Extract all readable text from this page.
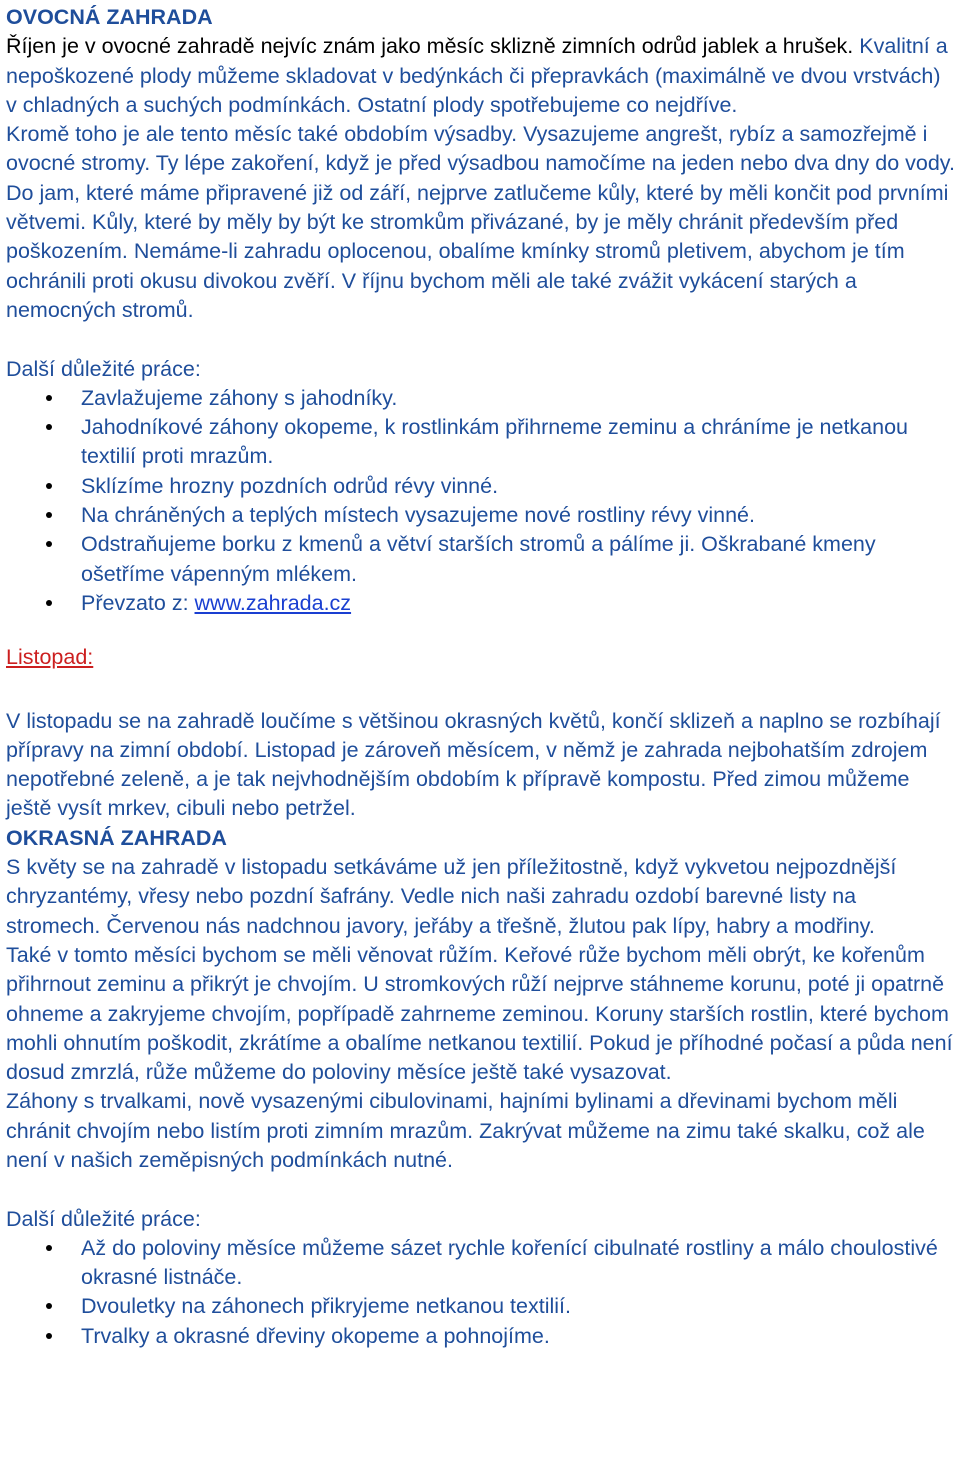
OVOCNÁ ZAHRADA

Říjen je v ovocné zahradě nejvíc znám jako měsíc sklizně zimních odrůd jablek a hrušek. Kvalitní a nepoškozené plody můžeme skladovat v bedýnkách či přepravkách (maximálně ve dvou vrstvách) v chladných a suchých podmínkách. Ostatní plody spotřebujeme co nejdříve.

Kromě toho je ale tento měsíc také obdobím výsadby. Vysazujeme angrešt, rybíz a samozřejmě i ovocné stromy. Ty lépe zakoření, když je před výsadbou namočíme na jeden nebo dva dny do vody. Do jam, které máme připravené již od září, nejprve zatlučeme kůly, které by měli končit pod prvními větvemi. Kůly, které by měly by být ke stromkům přivázané, by je měly chránit především před poškozením. Nemáme-li zahradu oplocenou, obalíme kmínky stromů pletivem, abychom je tím ochránili proti okusu divokou zvěří. V říjnu bychom měli ale také zvážit vykácení starých a nemocných stromů.

Další důležité práce:

Zavlažujeme záhony s jahodníky.
Jahodníkové záhony okopeme, k rostlinkám přihrneme zeminu a chráníme je netkanou textilií proti mrazům.
Sklízíme hrozny pozdních odrůd révy vinné.
Na chráněných a teplých místech vysazujeme nové rostliny révy vinné.
Odstraňujeme borku z kmenů a větví starších stromů a pálíme ji. Oškrabané kmeny ošetříme vápenným mlékem.
Převzato z: www.zahrada.cz

Listopad:

V listopadu se na zahradě loučíme s většinou okrasných květů, končí sklizeň a naplno se rozbíhají přípravy na zimní období. Listopad je zároveň měsícem, v němž je zahrada nejbohatším zdrojem nepotřebné zeleně, a je tak nejvhodnějším obdobím k přípravě kompostu. Před zimou můžeme ještě vysít mrkev, cibuli nebo petržel.

OKRASNÁ ZAHRADA

S květy se na zahradě v listopadu setkáváme už jen příležitostně, když vykvetou nejpozdnější chryzantémy, vřesy nebo pozdní šafrány. Vedle nich naši zahradu ozdobí barevné listy na stromech. Červenou nás nadchnou javory, jeřáby a třešně, žlutou pak lípy, habry a modřiny.

Také v tomto měsíci bychom se měli věnovat růžím. Keřové růže bychom měli obrýt, ke kořenům přihrnout zeminu a přikrýt je chvojím. U stromkových růží nejprve stáhneme korunu, poté ji opatrně ohneme a zakryjeme chvojím, popřípadě zahrneme zeminou. Koruny starších rostlin, které bychom mohli ohnutím poškodit, zkrátíme a obalíme netkanou textilií. Pokud je příhodné počasí a půda není dosud zmrzlá, růže můžeme do poloviny měsíce ještě také vysazovat.

Záhony s trvalkami, nově vysazenými cibulovinami, hajními bylinami a dřevinami bychom měli chránit chvojím nebo listím proti zimním mrazům. Zakrývat můžeme na zimu také skalku, což ale není v našich zeměpisných podmínkách nutné.

Další důležité práce:

Až do poloviny měsíce můžeme sázet rychle kořenící cibulnaté rostliny a málo choulostivé okrasné listnáče.
Dvouletky na záhonech přikryjeme netkanou textilií.
Trvalky a okrasné dřeviny okopeme a pohnojíme.
